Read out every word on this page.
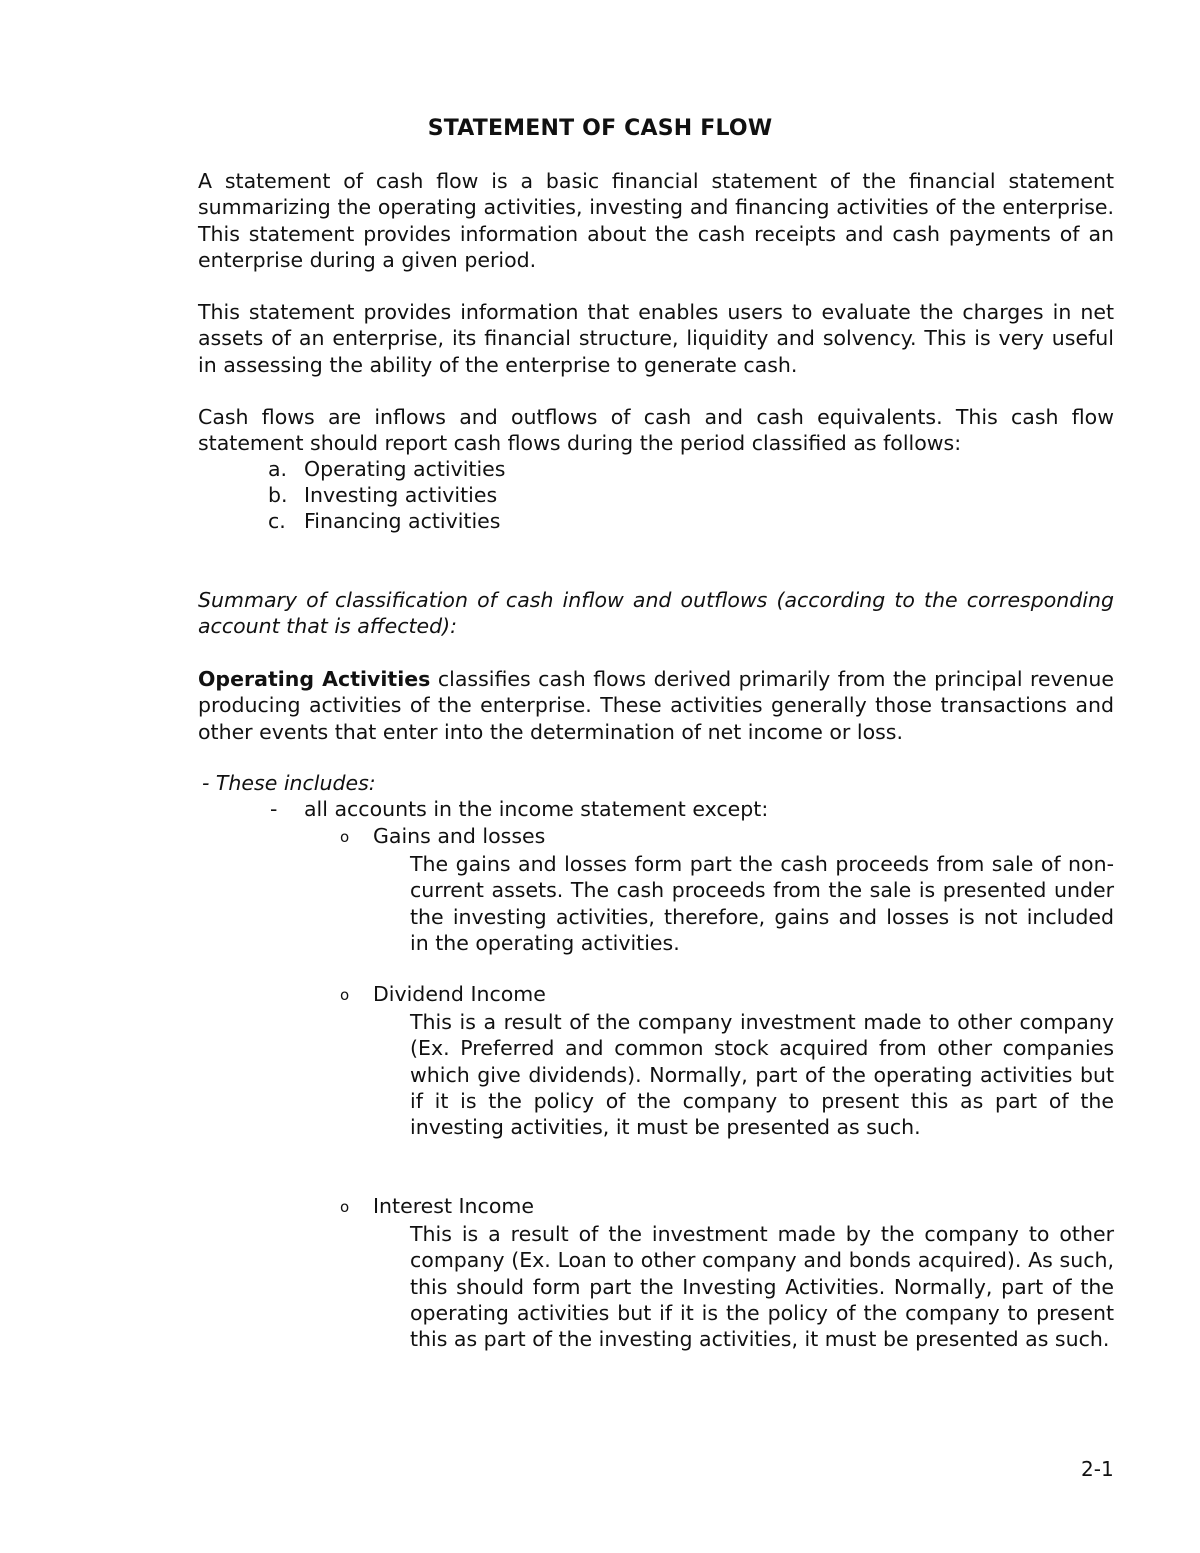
STATEMENT OF CASH FLOW

A statement of cash flow is a basic financial statement of the financial statement summarizing the operating activities, investing and financing activities of the enterprise. This statement provides information about the cash receipts and cash payments of an enterprise during a given period.

This statement provides information that enables users to evaluate the charges in net assets of an enterprise, its financial structure, liquidity and solvency. This is very useful in assessing the ability of the enterprise to generate cash.

Cash flows are inflows and outflows of cash and cash equivalents. This cash flow statement should report cash flows during the period classified as follows:

a. Operating activities
b. Investing activities
c. Financing activities

Summary of classification of cash inflow and outflows (according to the corresponding account that is affected):

Operating Activities classifies cash flows derived primarily from the principal revenue producing activities of the enterprise. These activities generally those transactions and other events that enter into the determination of net income or loss.

- These includes:
- all accounts in the income statement except:
o Gains and losses

The gains and losses form part the cash proceeds from sale of non-current assets. The cash proceeds from the sale is presented under the investing activities, therefore, gains and losses is not included in the operating activities.

o Dividend Income

This is a result of the company investment made to other company (Ex. Preferred and common stock acquired from other companies which give dividends). Normally, part of the operating activities but if it is the policy of the company to present this as part of the investing activities, it must be presented as such.

o Interest Income

This is a result of the investment made by the company to other company (Ex. Loan to other company and bonds acquired). As such, this should form part the Investing Activities. Normally, part of the operating activities but if it is the policy of the company to present this as part of the investing activities, it must be presented as such.

2-1
